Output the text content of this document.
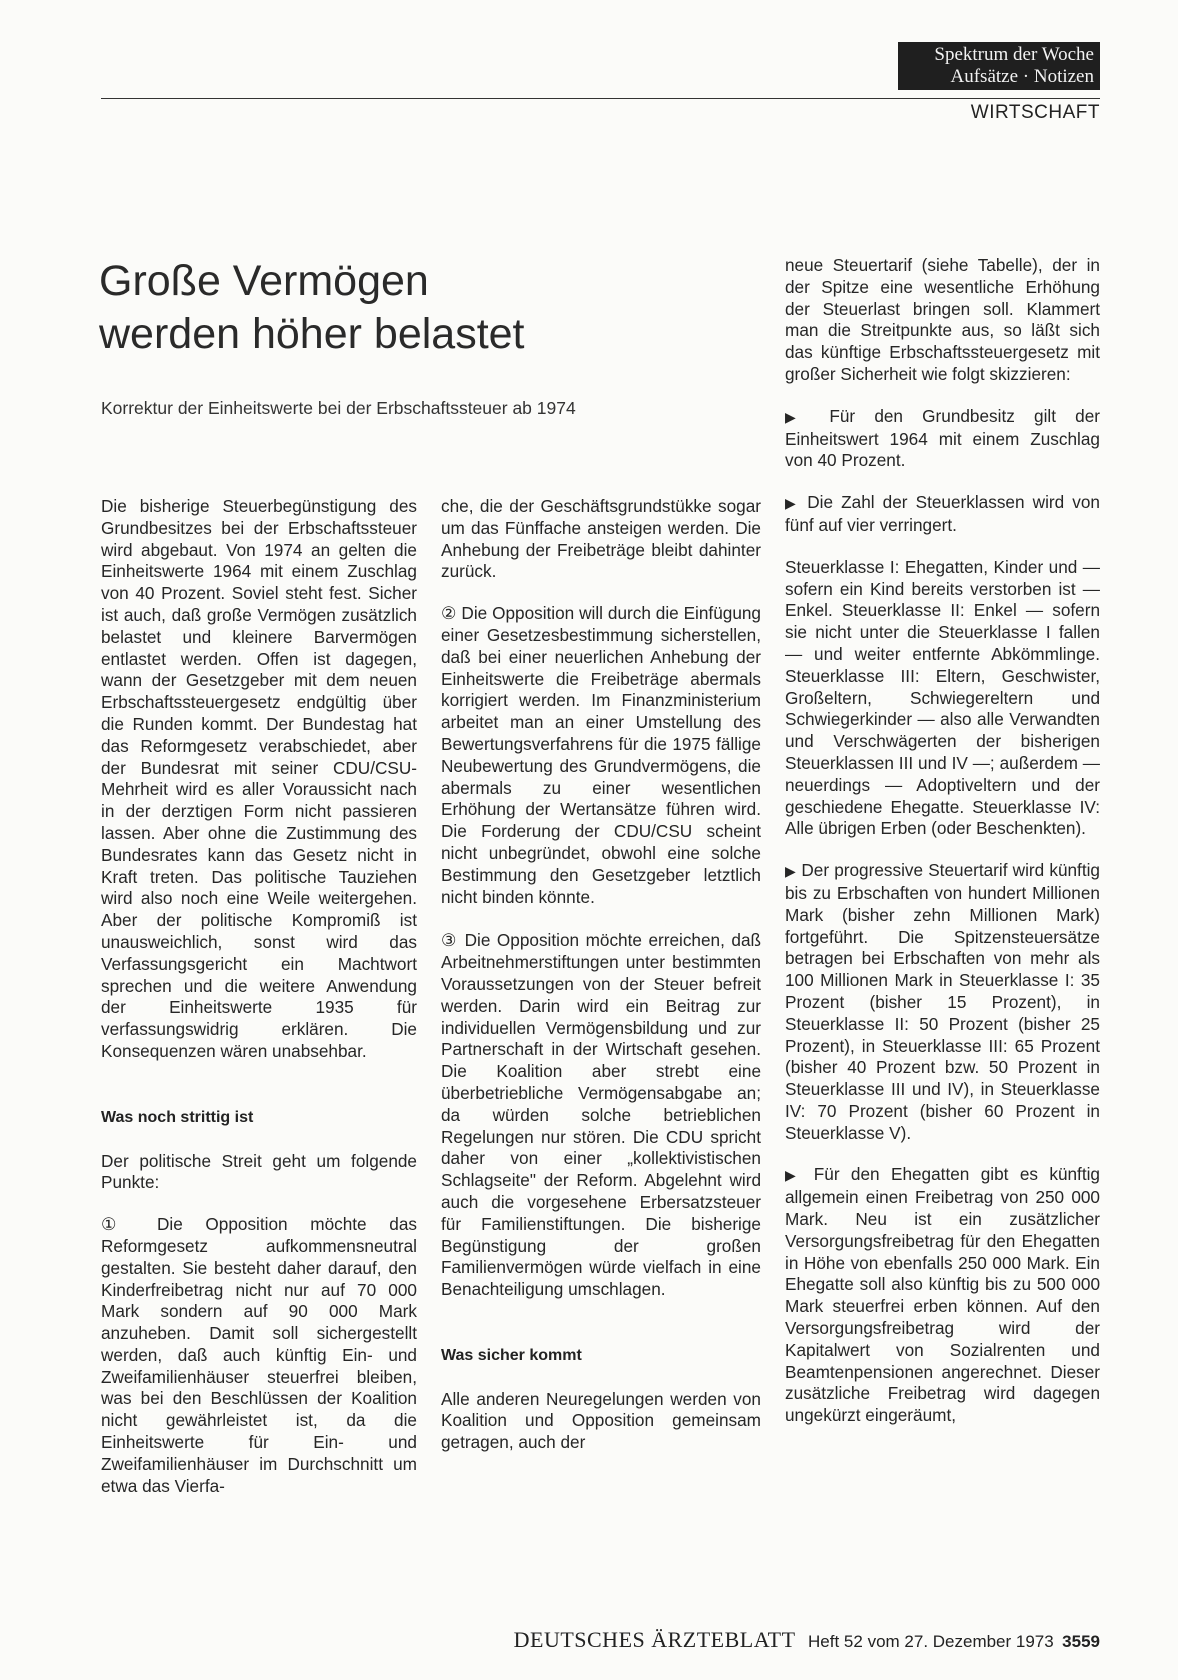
Spektrum der Woche
Aufsätze · Notizen
WIRTSCHAFT
Große Vermögen
werden höher belastet
Korrektur der Einheitswerte bei der Erbschaftssteuer ab 1974

Die bisherige Steuerbegünstigung des Grundbesitzes bei der Erbschaftssteuer wird abgebaut. Von 1974 an gelten die Einheitswerte 1964 mit einem Zuschlag von 40 Prozent. Soviel steht fest. Sicher ist auch, daß große Vermögen zusätzlich belastet und kleinere Barvermögen entlastet werden. Offen ist dagegen, wann der Gesetzgeber mit dem neuen Erbschaftssteuergesetz endgültig über die Runden kommt. Der Bundestag hat das Reformgesetz verabschiedet, aber der Bundesrat mit seiner CDU/CSU-Mehrheit wird es aller Voraussicht nach in der derztigen Form nicht passieren lassen. Aber ohne die Zustimmung des Bundesrates kann das Gesetz nicht in Kraft treten. Das politische Tauziehen wird also noch eine Weile weitergehen. Aber der politische Kompromiß ist unausweichlich, sonst wird das Verfassungsgericht ein Machtwort sprechen und die weitere Anwendung der Einheitswerte 1935 für verfassungswidrig erklären. Die Konsequenzen wären unabsehbar.

Was noch strittig ist

Der politische Streit geht um folgende Punkte:

① Die Opposition möchte das Reformgesetz aufkommensneutral gestalten. Sie besteht daher darauf, den Kinderfreibetrag nicht nur auf 70 000 Mark sondern auf 90 000 Mark anzuheben. Damit soll sichergestellt werden, daß auch künftig Ein- und Zweifamilienhäuser steuerfrei bleiben, was bei den Beschlüssen der Koalition nicht gewährleistet ist, da die Einheitswerte für Ein- und Zweifamilienhäuser im Durchschnitt um etwa das Vierfa-

che, die der Geschäftsgrundstükke sogar um das Fünffache ansteigen werden. Die Anhebung der Freibeträge bleibt dahinter zurück.

② Die Opposition will durch die Einfügung einer Gesetzesbestimmung sicherstellen, daß bei einer neuerlichen Anhebung der Einheitswerte die Freibeträge abermals korrigiert werden. Im Finanzministerium arbeitet man an einer Umstellung des Bewertungsverfahrens für die 1975 fällige Neubewertung des Grundvermögens, die abermals zu einer wesentlichen Erhöhung der Wertansätze führen wird. Die Forderung der CDU/CSU scheint nicht unbegründet, obwohl eine solche Bestimmung den Gesetzgeber letztlich nicht binden könnte.

③ Die Opposition möchte erreichen, daß Arbeitnehmerstiftungen unter bestimmten Voraussetzungen von der Steuer befreit werden. Darin wird ein Beitrag zur individuellen Vermögensbildung und zur Partnerschaft in der Wirtschaft gesehen. Die Koalition aber strebt eine überbetriebliche Vermögensabgabe an; da würden solche betrieblichen Regelungen nur stören. Die CDU spricht daher von einer „kollektivistischen Schlagseite" der Reform. Abgelehnt wird auch die vorgesehene Erbersatzsteuer für Familienstiftungen. Die bisherige Begünstigung der großen Familienvermögen würde vielfach in eine Benachteiligung umschlagen.

Was sicher kommt

Alle anderen Neuregelungen werden von Koalition und Opposition gemeinsam getragen, auch der

neue Steuertarif (siehe Tabelle), der in der Spitze eine wesentliche Erhöhung der Steuerlast bringen soll. Klammert man die Streitpunkte aus, so läßt sich das künftige Erbschaftssteuergesetz mit großer Sicherheit wie folgt skizzieren:

▶ Für den Grundbesitz gilt der Einheitswert 1964 mit einem Zuschlag von 40 Prozent.

▶ Die Zahl der Steuerklassen wird von fünf auf vier verringert.

Steuerklasse I: Ehegatten, Kinder und — sofern ein Kind bereits verstorben ist — Enkel. Steuerklasse II: Enkel — sofern sie nicht unter die Steuerklasse I fallen — und weiter entfernte Abkömmlinge. Steuerklasse III: Eltern, Geschwister, Großeltern, Schwiegereltern und Schwiegerkinder — also alle Verwandten und Verschwägerten der bisherigen Steuerklassen III und IV —; außerdem — neuerdings — Adoptiveltern und der geschiedene Ehegatte. Steuerklasse IV: Alle übrigen Erben (oder Beschenkten).

▶ Der progressive Steuertarif wird künftig bis zu Erbschaften von hundert Millionen Mark (bisher zehn Millionen Mark) fortgeführt. Die Spitzensteuersätze betragen bei Erbschaften von mehr als 100 Millionen Mark in Steuerklasse I: 35 Prozent (bisher 15 Prozent), in Steuerklasse II: 50 Prozent (bisher 25 Prozent), in Steuerklasse III: 65 Prozent (bisher 40 Prozent bzw. 50 Prozent in Steuerklasse III und IV), in Steuerklasse IV: 70 Prozent (bisher 60 Prozent in Steuerklasse V).

▶ Für den Ehegatten gibt es künftig allgemein einen Freibetrag von 250 000 Mark. Neu ist ein zusätzlicher Versorgungsfreibetrag für den Ehegatten in Höhe von ebenfalls 250 000 Mark. Ein Ehegatte soll also künftig bis zu 500 000 Mark steuerfrei erben können. Auf den Versorgungsfreibetrag wird der Kapitalwert von Sozialrenten und Beamtenpensionen angerechnet. Dieser zusätzliche Freibetrag wird dagegen ungekürzt eingeräumt,

DEUTSCHES ÄRZTEBLATT Heft 52 vom 27. Dezember 1973 3559
